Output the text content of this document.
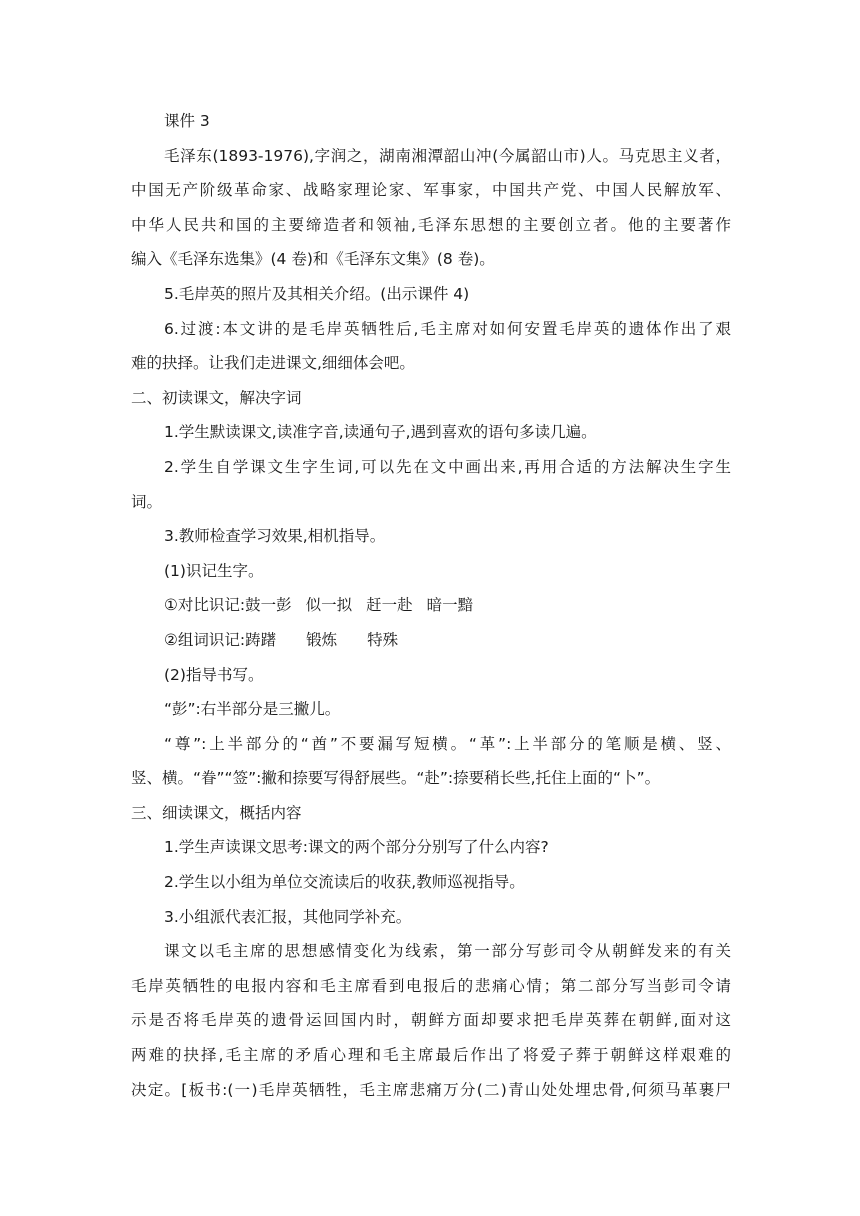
课件 3
毛泽东(1893-1976),字润之，湖南湘潭韶山冲(今属韶山市)人。马克思主义者，
中国无产阶级革命家、战略家理论家、军事家，中国共产党、中国人民解放军、
中华人民共和国的主要缔造者和领袖,毛泽东思想的主要创立者。他的主要著作
编入《毛泽东选集》(4 卷)和《毛泽东文集》(8 卷)。
5.毛岸英的照片及其相关介绍。(出示课件 4)
6.过渡:本文讲的是毛岸英牺牲后,毛主席对如何安置毛岸英的遗体作出了艰
难的抉择。让我们走进课文,细细体会吧。
二、初读课文，解决字词
1.学生默读课文,读准字音,读通句子,遇到喜欢的语句多读几遍。
2.学生自学课文生字生词,可以先在文中画出来,再用合适的方法解决生字生
词。
3.教师检查学习效果,相机指导。
(1)识记生字。
①对比识记:鼓一彭 似一拟 赶一赴 暗一黯
②组词识记:踌躇 锻炼 特殊
(2)指导书写。
“彭”:右半部分是三撇儿。
“尊”:上半部分的“酋”不要漏写短横。“革”:上半部分的笔顺是横、竖、
竖、横。“眷”“签”:撇和捺要写得舒展些。“赴”:捺要稍长些,托住上面的“卜”。
三、细读课文，概括内容
1.学生声读课文思考:课文的两个部分分别写了什么内容?
2.学生以小组为单位交流读后的收获,教师巡视指导。
3.小组派代表汇报，其他同学补充。
课文以毛主席的思想感情变化为线索，第一部分写彭司令从朝鲜发来的有关
毛岸英牺牲的电报内容和毛主席看到电报后的悲痛心情；第二部分写当彭司令请
示是否将毛岸英的遗骨运回国内时，朝鲜方面却要求把毛岸英葬在朝鲜,面对这
两难的抉择,毛主席的矛盾心理和毛主席最后作出了将爱子葬于朝鲜这样艰难的
决定。[板书:(一)毛岸英牺牲，毛主席悲痛万分(二)青山处处埋忠骨,何须马革裹尸
